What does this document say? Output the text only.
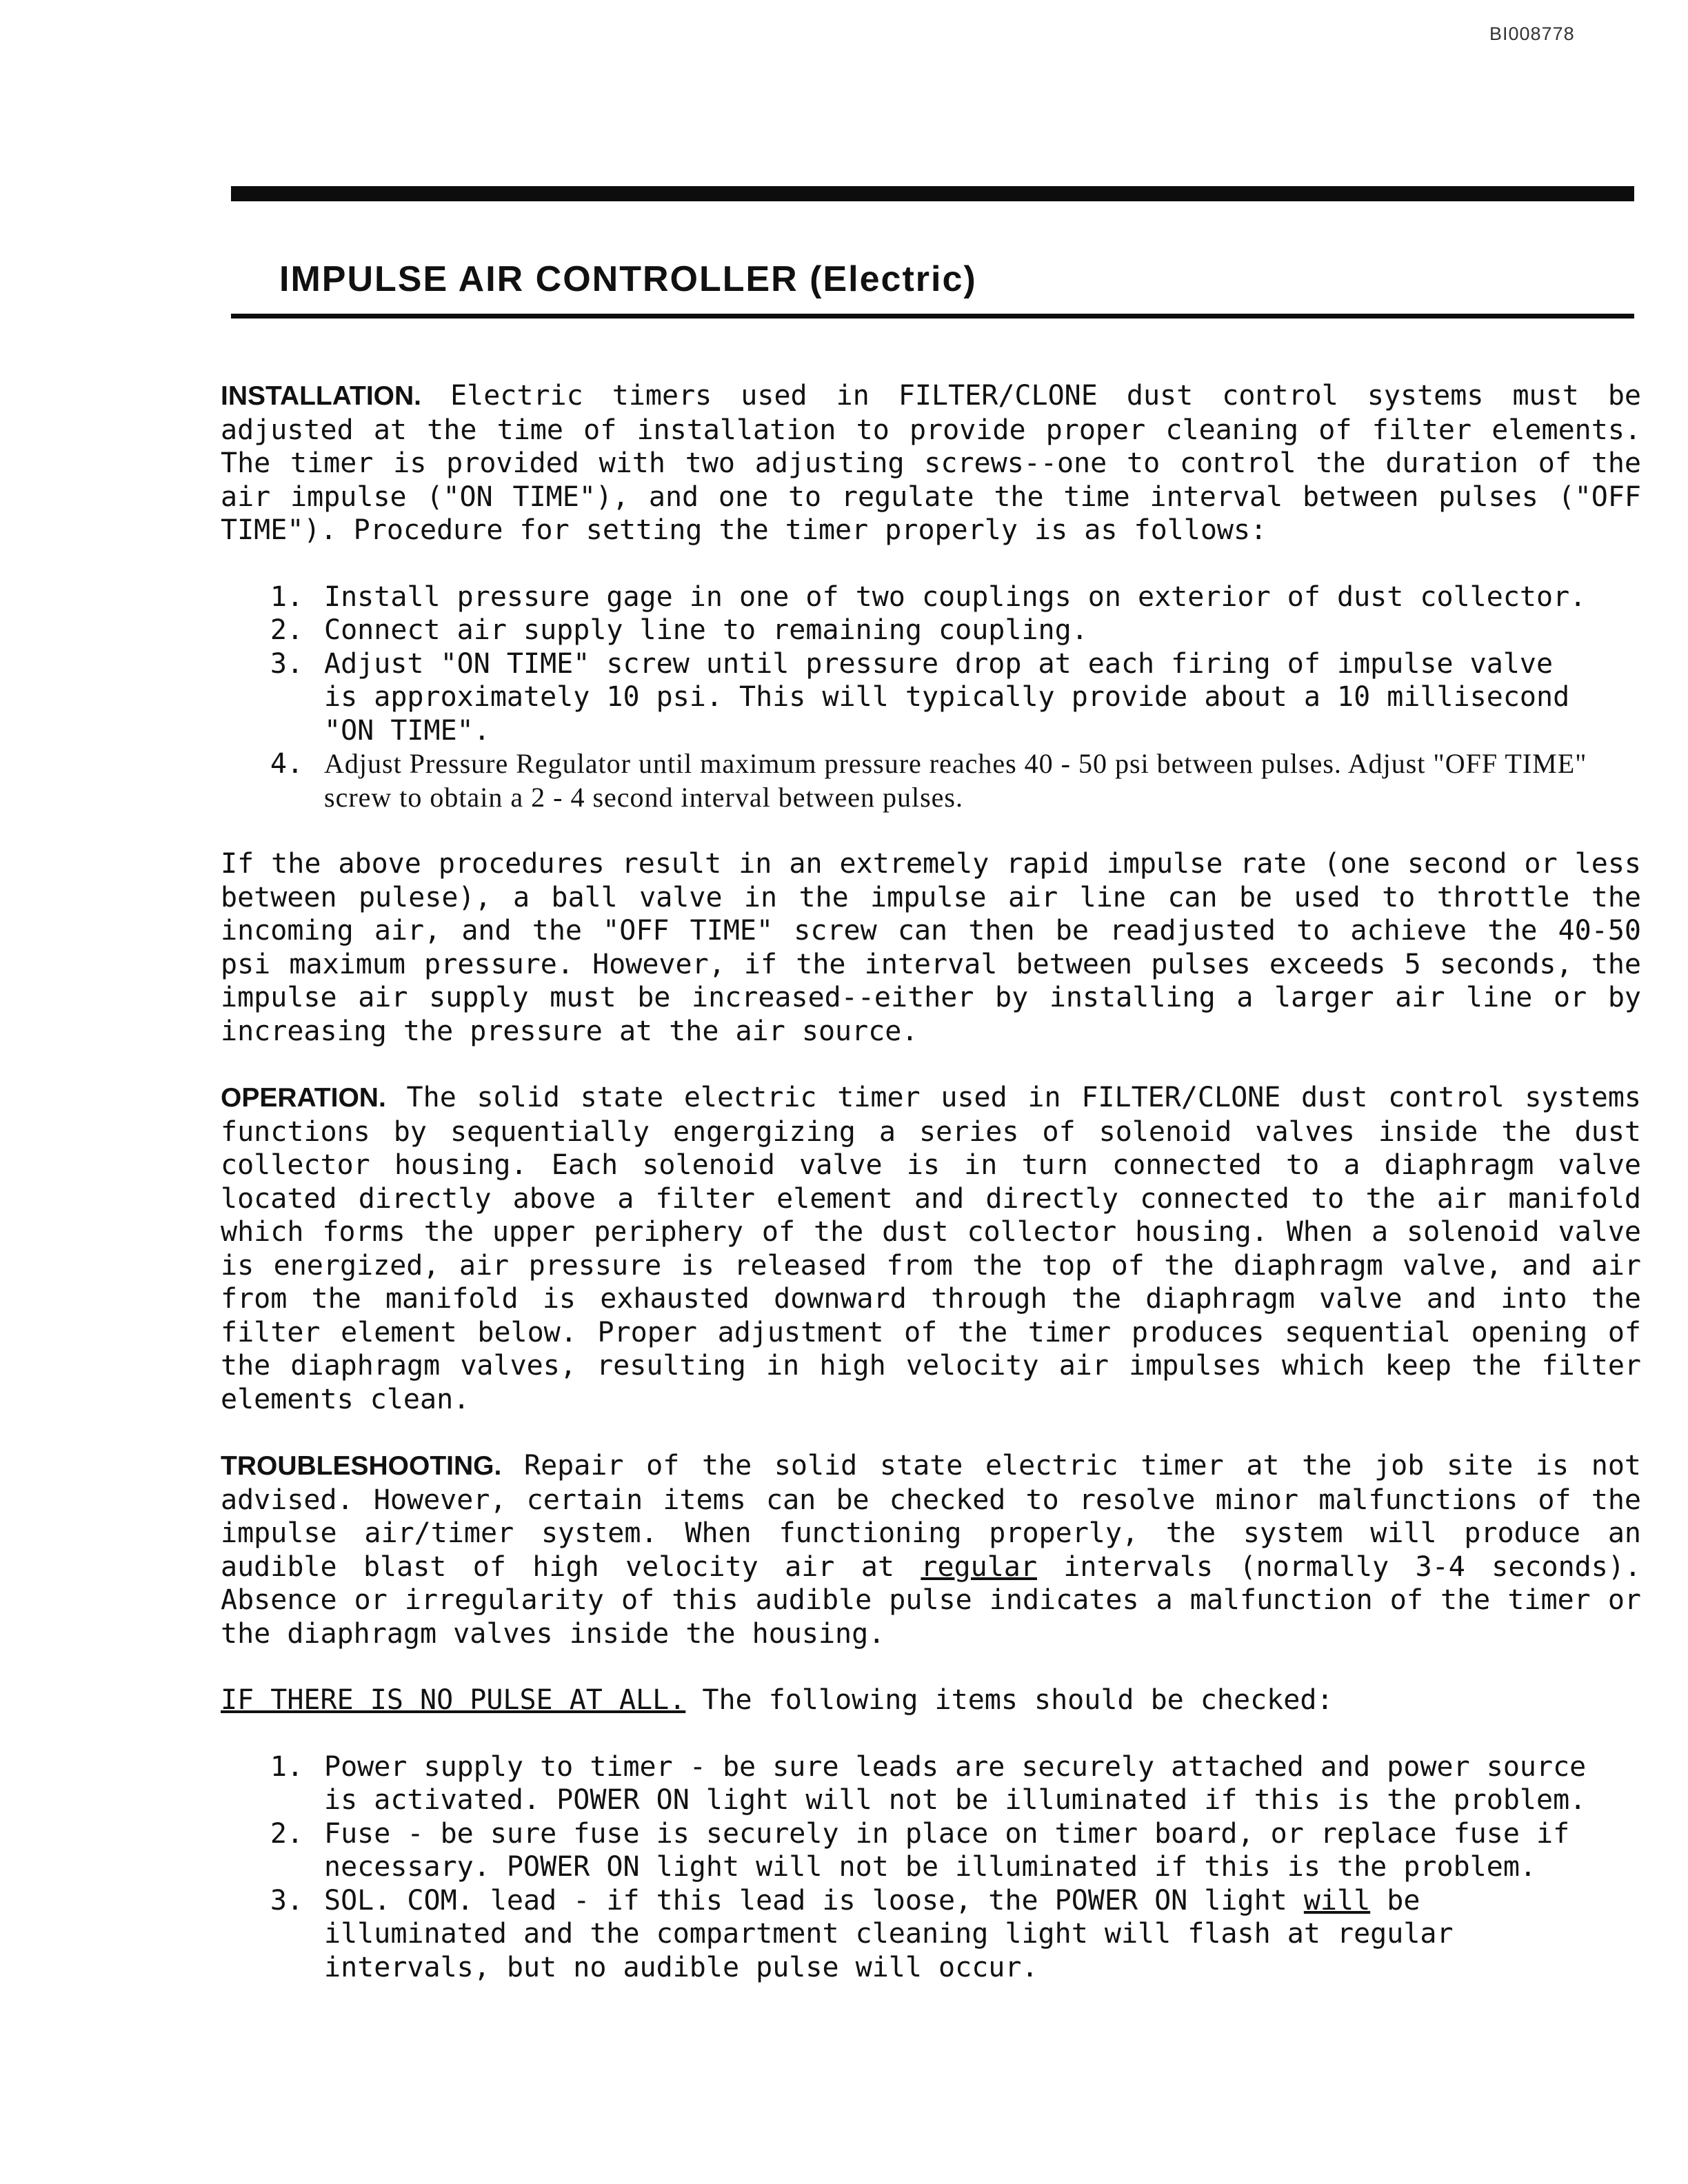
BI008778
IMPULSE AIR CONTROLLER (Electric)

INSTALLATION. Electric timers used in FILTER/CLONE dust control systems must be adjusted at the time of installation to provide proper cleaning of filter elements. The timer is provided with two adjusting screws--one to control the duration of the air impulse ("ON TIME"), and one to regulate the time interval between pulses ("OFF TIME"). Procedure for setting the timer properly is as follows:

1. Install pressure gage in one of two couplings on exterior of dust collector.
2. Connect air supply line to remaining coupling.
3. Adjust "ON TIME" screw until pressure drop at each firing of impulse valve is approximately 10 psi. This will typically provide about a 10 millisecond "ON TIME".
4. Adjust Pressure Regulator until maximum pressure reaches 40 - 50 psi between pulses. Adjust "OFF TIME" screw to obtain a 2 - 4 second interval between pulses.

If the above procedures result in an extremely rapid impulse rate (one second or less between pulese), a ball valve in the impulse air line can be used to throttle the incoming air, and the "OFF TIME" screw can then be readjusted to achieve the 40-50 psi maximum pressure. However, if the interval between pulses exceeds 5 seconds, the impulse air supply must be increased--either by installing a larger air line or by increasing the pressure at the air source.

OPERATION. The solid state electric timer used in FILTER/CLONE dust control systems functions by sequentially engergizing a series of solenoid valves inside the dust collector housing. Each solenoid valve is in turn connected to a diaphragm valve located directly above a filter element and directly connected to the air manifold which forms the upper periphery of the dust collector housing. When a solenoid valve is energized, air pressure is released from the top of the diaphragm valve, and air from the manifold is exhausted downward through the diaphragm valve and into the filter element below. Proper adjustment of the timer produces sequential opening of the diaphragm valves, resulting in high velocity air impulses which keep the filter elements clean.

TROUBLESHOOTING. Repair of the solid state electric timer at the job site is not advised. However, certain items can be checked to resolve minor malfunctions of the impulse air/timer system. When functioning properly, the system will produce an audible blast of high velocity air at regular intervals (normally 3-4 seconds). Absence or irregularity of this audible pulse indicates a malfunction of the timer or the diaphragm valves inside the housing.

IF THERE IS NO PULSE AT ALL. The following items should be checked:

1. Power supply to timer - be sure leads are securely attached and power source is activated. POWER ON light will not be illuminated if this is the problem.
2. Fuse - be sure fuse is securely in place on timer board, or replace fuse if necessary. POWER ON light will not be illuminated if this is the problem.
3. SOL. COM. lead - if this lead is loose, the POWER ON light will be illuminated and the compartment cleaning light will flash at regular intervals, but no audible pulse will occur.
